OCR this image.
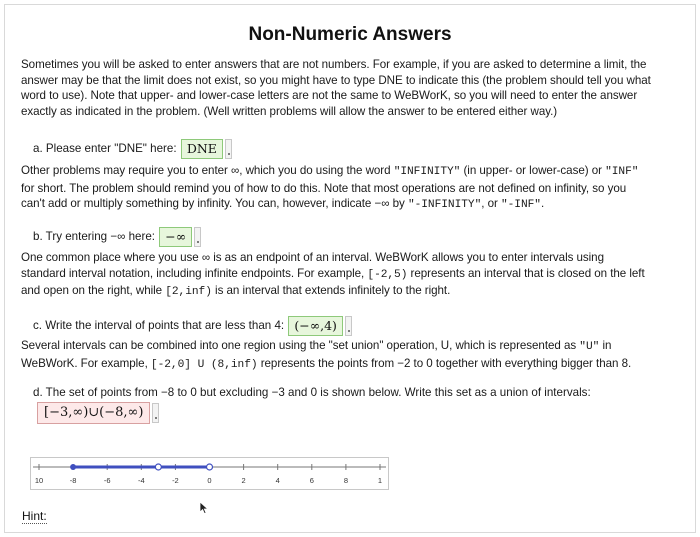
Non-Numeric Answers
Sometimes you will be asked to enter answers that are not numbers. For example, if you are asked to determine a limit, the
answer may be that the limit does not exist, so you might have to type DNE to indicate this (the problem should tell you what
word to use). Note that upper- and lower-case letters are not the same to WeBWorK, so you will need to enter the answer
exactly as indicated in the problem. (Well written problems will allow the answer to be entered either way.)
a. Please enter "DNE" here: DNE
Other problems may require you to enter ∞, which you do using the word "INFINITY" (in upper- or lower-case) or "INF"
for short. The problem should remind you of how to do this. Note that most operations are not defined on infinity, so you
can't add or multiply something by infinity. You can, however, indicate −∞ by "-INFINITY", or "-INF".
b. Try entering −∞ here: −∞
One common place where you use ∞ is as an endpoint of an interval. WeBWorK allows you to enter intervals using
standard interval notation, including infinite endpoints. For example, [-2,5) represents an interval that is closed on the left
and open on the right, while [2,inf) is an interval that extends infinitely to the right.
c. Write the interval of points that are less than 4: (−∞,4)
Several intervals can be combined into one region using the "set union" operation, U, which is represented as "U" in
WeBWorK. For example, [-2,0] U (8,inf) represents the points from −2 to 0 together with everything bigger than 8.
d. The set of points from −8 to 0 but excluding −3 and 0 is shown below. Write this set as a union of intervals:
[−3,∞)∪(−8,∞)
10	-8	-6	-4	-2	0	2	4	6	8	1
Hint:
